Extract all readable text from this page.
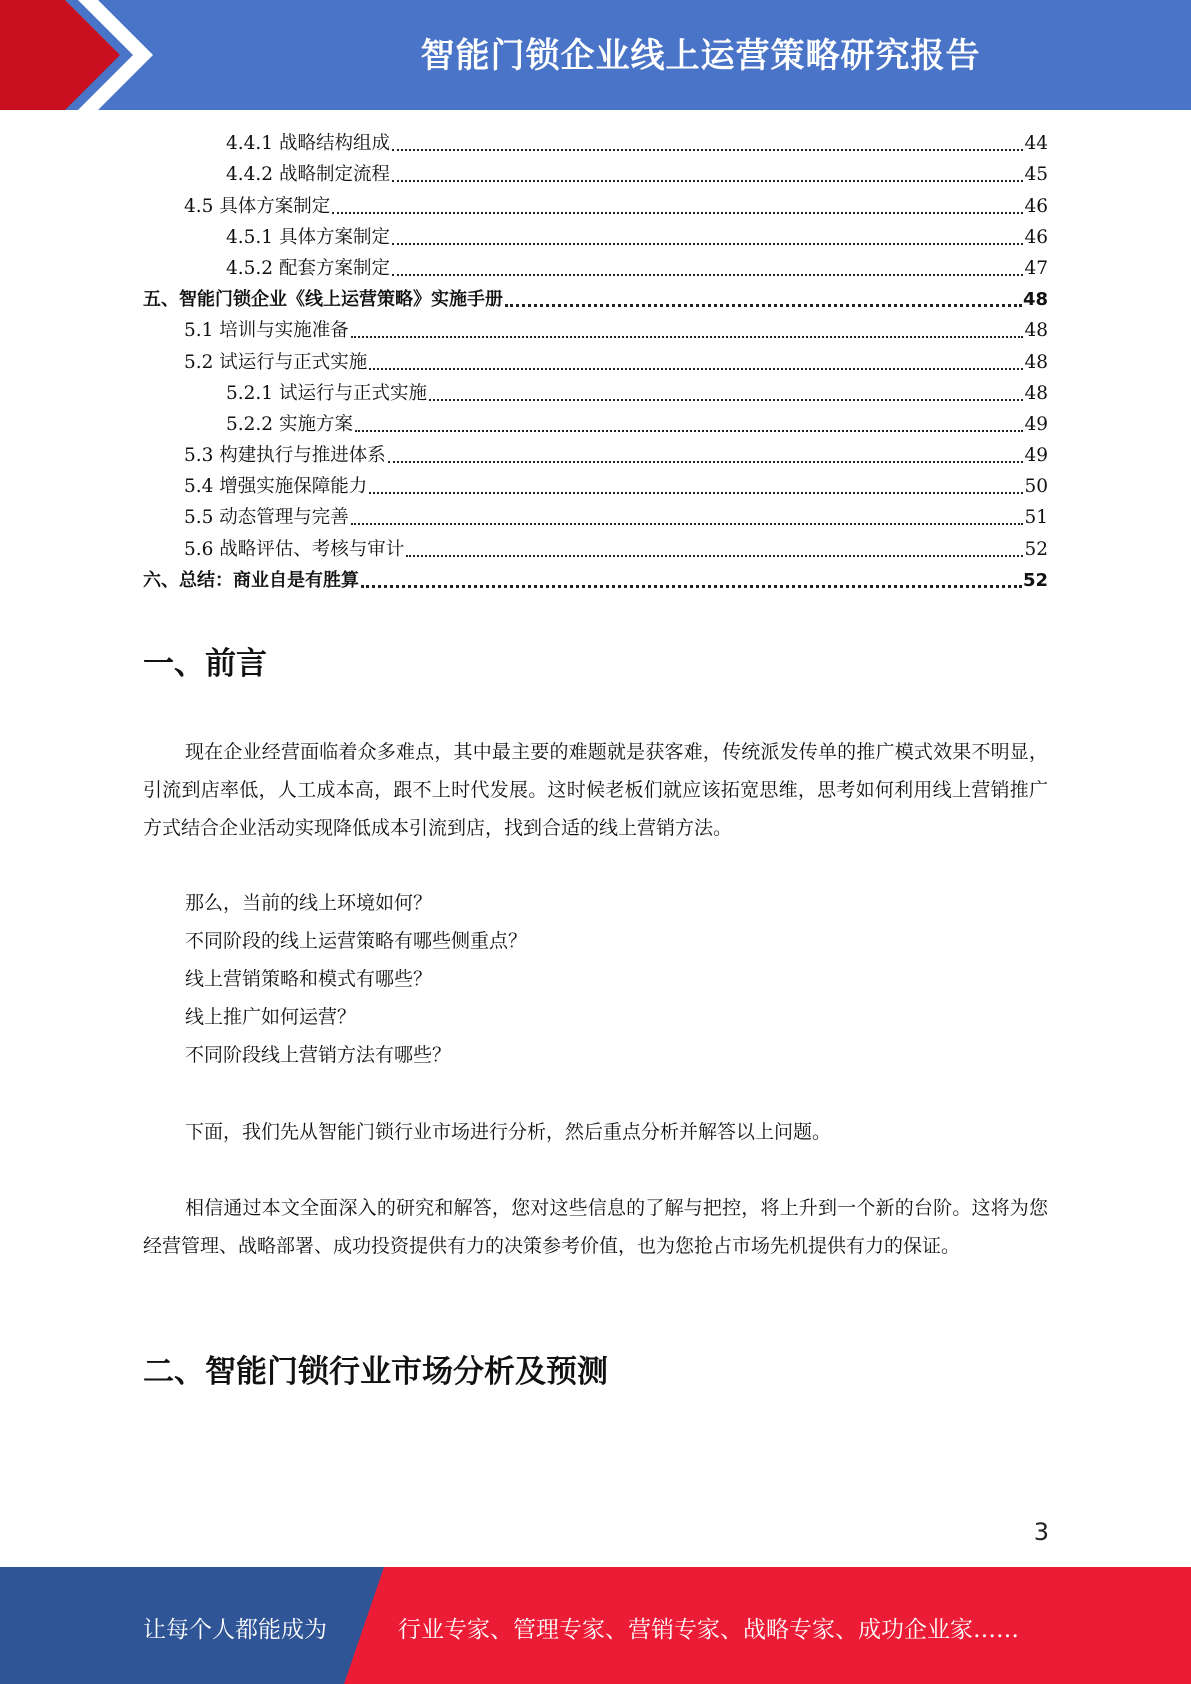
智能门锁企业线上运营策略研究报告
4.4.1 战略结构组成	44
4.4.2 战略制定流程	45
4.5 具体方案制定	46
4.5.1 具体方案制定	46
4.5.2 配套方案制定	47
五、智能门锁企业《线上运营策略》实施手册	48
5.1 培训与实施准备	48
5.2 试运行与正式实施	48
5.2.1 试运行与正式实施	48
5.2.2 实施方案	49
5.3 构建执行与推进体系	49
5.4 增强实施保障能力	50
5.5 动态管理与完善	51
5.6 战略评估、考核与审计	52
六、总结：商业自是有胜算	52
一、前言

现在企业经营面临着众多难点，其中最主要的难题就是获客难，传统派发传单的推广模式效果不明显，引流到店率低，人工成本高，跟不上时代发展。这时候老板们就应该拓宽思维，思考如何利用线上营销推广方式结合企业活动实现降低成本引流到店，找到合适的线上营销方法。

那么，当前的线上环境如何？
不同阶段的线上运营策略有哪些侧重点？
线上营销策略和模式有哪些？
线上推广如何运营？
不同阶段线上营销方法有哪些？

下面，我们先从智能门锁行业市场进行分析，然后重点分析并解答以上问题。

相信通过本文全面深入的研究和解答，您对这些信息的了解与把控，将上升到一个新的台阶。这将为您经营管理、战略部署、成功投资提供有力的决策参考价值，也为您抢占市场先机提供有力的保证。

二、智能门锁行业市场分析及预测
3
让每个人都能成为	行业专家、管理专家、营销专家、战略专家、成功企业家……
